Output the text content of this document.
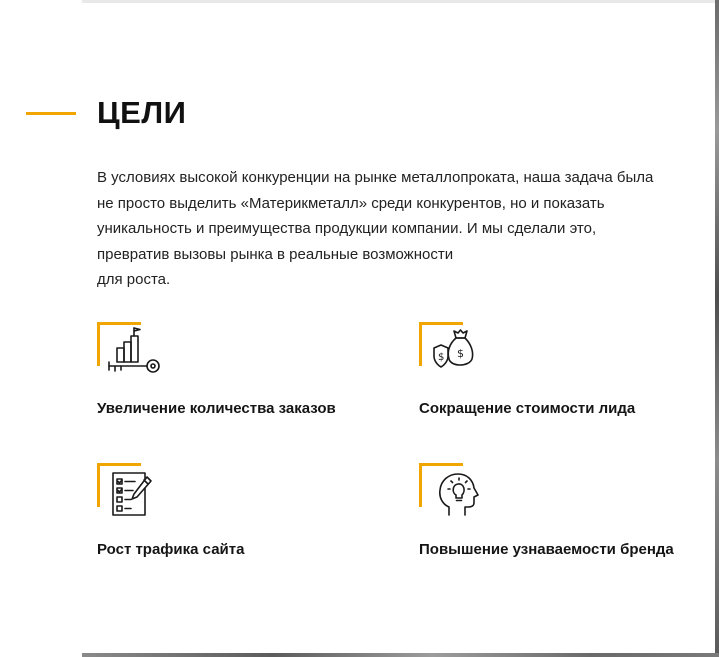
ЦЕЛИ

В условиях высокой конкуренции на рынке металлопроката, наша задача была
не просто выделить «Материкметалл» среди конкурентов, но и показать
уникальность и преимущества продукции компании. И мы сделали это,
превратив вызовы рынка в реальные возможности
для роста.

Увеличение количества заказов
$
$
Сокращение стоимости лида
Рост трафика сайта	Повышение узнаваемости бренда
